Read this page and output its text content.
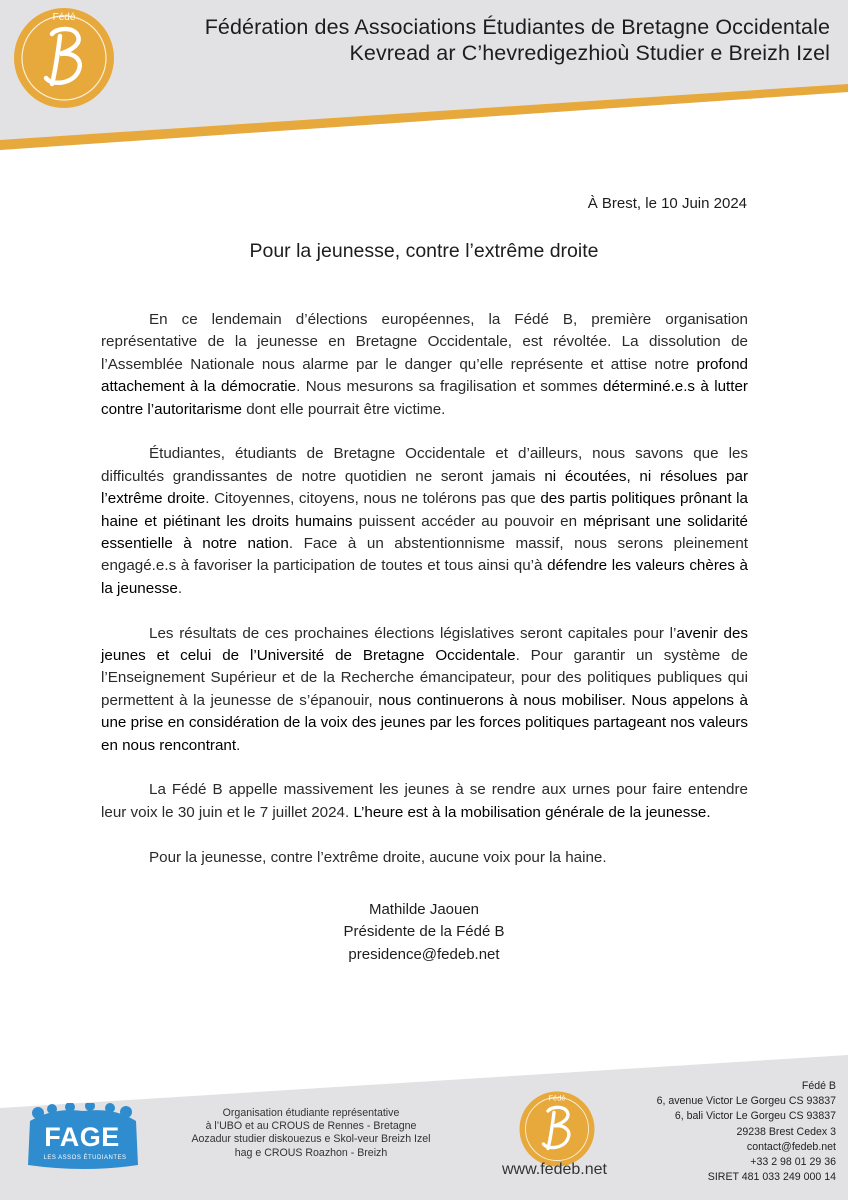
Fédé	Fédération des Associations Étudiantes de Bretagne Occidentale
Kevread ar C’hevredigezhioù Studier e Breizh Izel
À Brest, le 10 Juin 2024
Pour la jeunesse, contre l’extrême droite

En ce lendemain d’élections européennes, la Fédé B, première organisation représentative de la jeunesse en Bretagne Occidentale, est révoltée. La dissolution de l’Assemblée Nationale nous alarme par le danger qu’elle représente et attise notre profond attachement à la démocratie. Nous mesurons sa fragilisation et sommes déterminé.e.s à lutter contre l’autoritarisme dont elle pourrait être victime.

Étudiantes, étudiants de Bretagne Occidentale et d’ailleurs, nous savons que les difficultés grandissantes de notre quotidien ne seront jamais ni écoutées, ni résolues par l’extrême droite. Citoyennes, citoyens, nous ne tolérons pas que des partis politiques prônant la haine et piétinant les droits humains puissent accéder au pouvoir en méprisant une solidarité essentielle à notre nation. Face à un abstentionnisme massif, nous serons pleinement engagé.e.s à favoriser la participation de toutes et tous ainsi qu’à défendre les valeurs chères à la jeunesse.

Les résultats de ces prochaines élections législatives seront capitales pour l’avenir des jeunes et celui de l’Université de Bretagne Occidentale. Pour garantir un système de l’Enseignement Supérieur et de la Recherche émancipateur, pour des politiques publiques qui permettent à la jeunesse de s’épanouir, nous continuerons à nous mobiliser. Nous appelons à une prise en considération de la voix des jeunes par les forces politiques partageant nos valeurs en nous rencontrant.

La Fédé B appelle massivement les jeunes à se rendre aux urnes pour faire entendre leur voix le 30 juin et le 7 juillet 2024. L’heure est à la mobilisation générale de la jeunesse.

Pour la jeunesse, contre l’extrême droite, aucune voix pour la haine.

Mathilde Jaouen
Présidente de la Fédé B
presidence@fedeb.net
FAGE
LES ASSOS ÉTUDIANTES
Organisation étudiante représentative
à l’UBO et au CROUS de Rennes - Bretagne
Aozadur studier diskouezus e Skol-veur Breizh Izel
hag e CROUS Roazhon - Breizh
Fédé
www.fedeb.net
Fédé B
6, avenue Victor Le Gorgeu CS 93837
6, bali Victor Le Gorgeu CS 93837
29238 Brest Cedex 3
contact@fedeb.net
+33 2 98 01 29 36
SIRET 481 033 249 000 14
